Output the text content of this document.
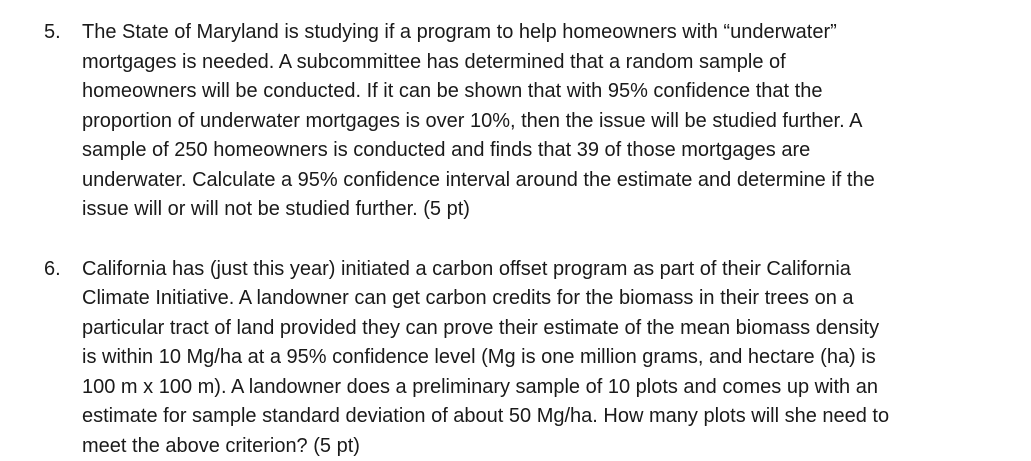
5.	The State of Maryland is studying if a program to help homeowners with “underwater”
mortgages is needed. A subcommittee has determined that a random sample of
homeowners will be conducted. If it can be shown that with 95% confidence that the
proportion of underwater mortgages is over 10%, then the issue will be studied further. A
sample of 250 homeowners is conducted and finds that 39 of those mortgages are
underwater. Calculate a 95% confidence interval around the estimate and determine if the
issue will or will not be studied further. (5 pt)
6.	California has (just this year) initiated a carbon offset program as part of their California
Climate Initiative. A landowner can get carbon credits for the biomass in their trees on a
particular tract of land provided they can prove their estimate of the mean biomass density
is within 10 Mg/ha at a 95% confidence level (Mg is one million grams, and hectare (ha) is
100 m x 100 m). A landowner does a preliminary sample of 10 plots and comes up with an
estimate for sample standard deviation of about 50 Mg/ha. How many plots will she need to
meet the above criterion? (5 pt)
